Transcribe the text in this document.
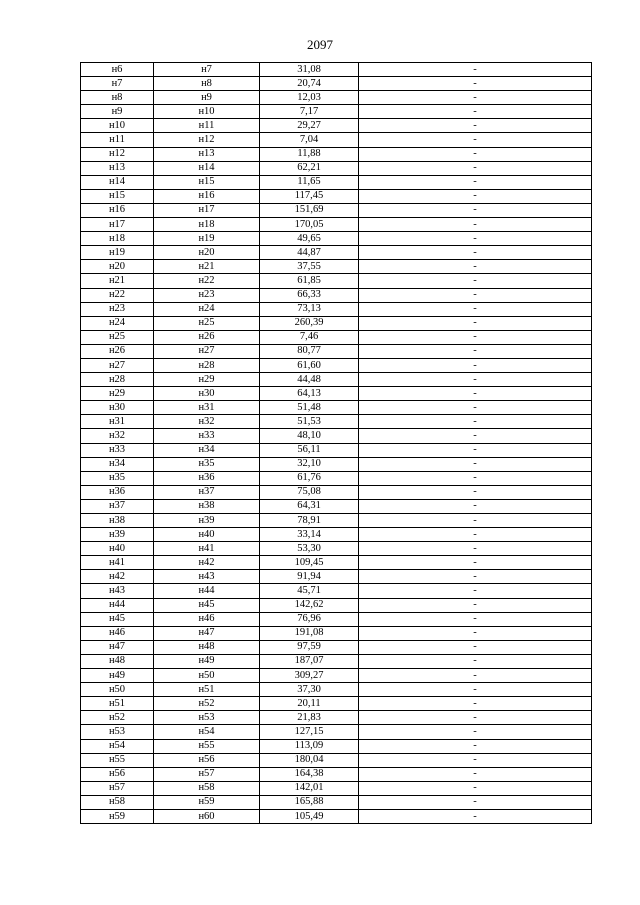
2097
н6	н7	31,08	-
н7	н8	20,74	-
н8	н9	12,03	-
н9	н10	7,17	-
н10	н11	29,27	-
н11	н12	7,04	-
н12	н13	11,88	-
н13	н14	62,21	-
н14	н15	11,65	-
н15	н16	117,45	-
н16	н17	151,69	-
н17	н18	170,05	-
н18	н19	49,65	-
н19	н20	44,87	-
н20	н21	37,55	-
н21	н22	61,85	-
н22	н23	66,33	-
н23	н24	73,13	-
н24	н25	260,39	-
н25	н26	7,46	-
н26	н27	80,77	-
н27	н28	61,60	-
н28	н29	44,48	-
н29	н30	64,13	-
н30	н31	51,48	-
н31	н32	51,53	-
н32	н33	48,10	-
н33	н34	56,11	-
н34	н35	32,10	-
н35	н36	61,76	-
н36	н37	75,08	-
н37	н38	64,31	-
н38	н39	78,91	-
н39	н40	33,14	-
н40	н41	53,30	-
н41	н42	109,45	-
н42	н43	91,94	-
н43	н44	45,71	-
н44	н45	142,62	-
н45	н46	76,96	-
н46	н47	191,08	-
н47	н48	97,59	-
н48	н49	187,07	-
н49	н50	309,27	-
н50	н51	37,30	-
н51	н52	20,11	-
н52	н53	21,83	-
н53	н54	127,15	-
н54	н55	113,09	-
н55	н56	180,04	-
н56	н57	164,38	-
н57	н58	142,01	-
н58	н59	165,88	-
н59	н60	105,49	-
